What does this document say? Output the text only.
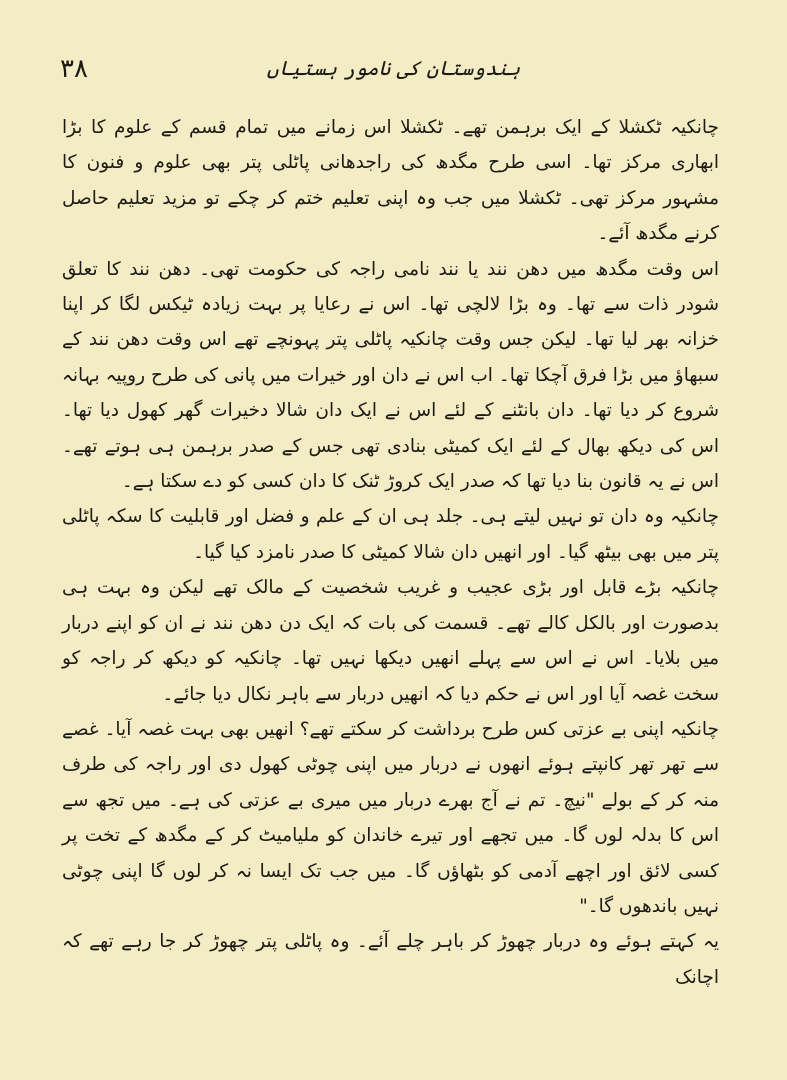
۳۸	ہندوستان کی نامور ہستیاں

چانکیہ ٹکشلا کے ایک برہمن تھے۔ ٹکشلا اس زمانے میں تمام قسم کے علوم کا بڑا ابھاری مرکز تھا۔ اسی طرح مگدھ کی راجدھانی پاٹلی پتر بھی علوم و فنون کا مشہور مرکز تھی۔ ٹکشلا میں جب وہ اپنی تعلیم ختم کر چکے تو مزید تعلیم حاصل کرنے مگدھ آئے۔

اس وقت مگدھ میں دھن نند یا نند نامی راجہ کی حکومت تھی۔ دھن نند کا تعلق شودر ذات سے تھا۔ وہ بڑا لالچی تھا۔ اس نے رعایا پر بہت زیادہ ٹیکس لگا کر اپنا خزانہ بھر لیا تھا۔ لیکن جس وقت چانکیہ پاٹلی پتر پہونچے تھے اس وقت دھن نند کے سبھاؤ میں بڑا فرق آچکا تھا۔ اب اس نے دان اور خیرات میں پانی کی طرح روپیہ بہانہ شروع کر دیا تھا۔ دان بانٹنے کے لئے اس نے ایک دان شالا دخیرات گھر کھول دیا تھا۔ اس کی دیکھ بھال کے لئے ایک کمیٹی بنادی تھی جس کے صدر برہمن ہی ہوتے تھے۔ اس نے یہ قانون بنا دیا تھا کہ صدر ایک کروڑ ٹنک کا دان کسی کو دے سکتا ہے۔

چانکیہ وہ دان تو نہیں لیتے ہی۔ جلد ہی ان کے علم و فضل اور قابلیت کا سکہ پاٹلی پتر میں بھی بیٹھ گیا۔ اور انھیں دان شالا کمیٹی کا صدر نامزد کیا گیا۔

چانکیہ بڑے قابل اور بڑی عجیب و غریب شخصیت کے مالک تھے لیکن وہ بہت ہی بدصورت اور بالکل کالے تھے۔ قسمت کی بات کہ ایک دن دھن نند نے ان کو اپنے دربار میں بلایا۔ اس نے اس سے پہلے انھیں دیکھا نہیں تھا۔ چانکیہ کو دیکھ کر راجہ کو سخت غصہ آیا اور اس نے حکم دیا کہ انھیں دربار سے باہر نکال دیا جائے۔

چانکیہ اپنی بے عزتی کس طرح برداشت کر سکتے تھے؟ انھیں بھی بہت غصہ آیا۔ غصے سے تھر تھر کانپتے ہوئے انھوں نے دربار میں اپنی چوٹی کھول دی اور راجہ کی طرف منہ کر کے بولے "نیچ۔ تم نے آج بھرے دربار میں میری بے عزتی کی ہے۔ میں تجھ سے اس کا بدلہ لوں گا۔ میں تجھے اور تیرے خاندان کو ملیامیٹ کر کے مگدھ کے تخت پر کسی لائق اور اچھے آدمی کو بٹھاؤں گا۔ میں جب تک ایسا نہ کر لوں گا اپنی چوٹی نہیں باندھوں گا۔"

یہ کہتے ہوئے وہ دربار چھوڑ کر باہر چلے آئے۔ وہ پاٹلی پتر چھوڑ کر جا رہے تھے کہ اچانک
